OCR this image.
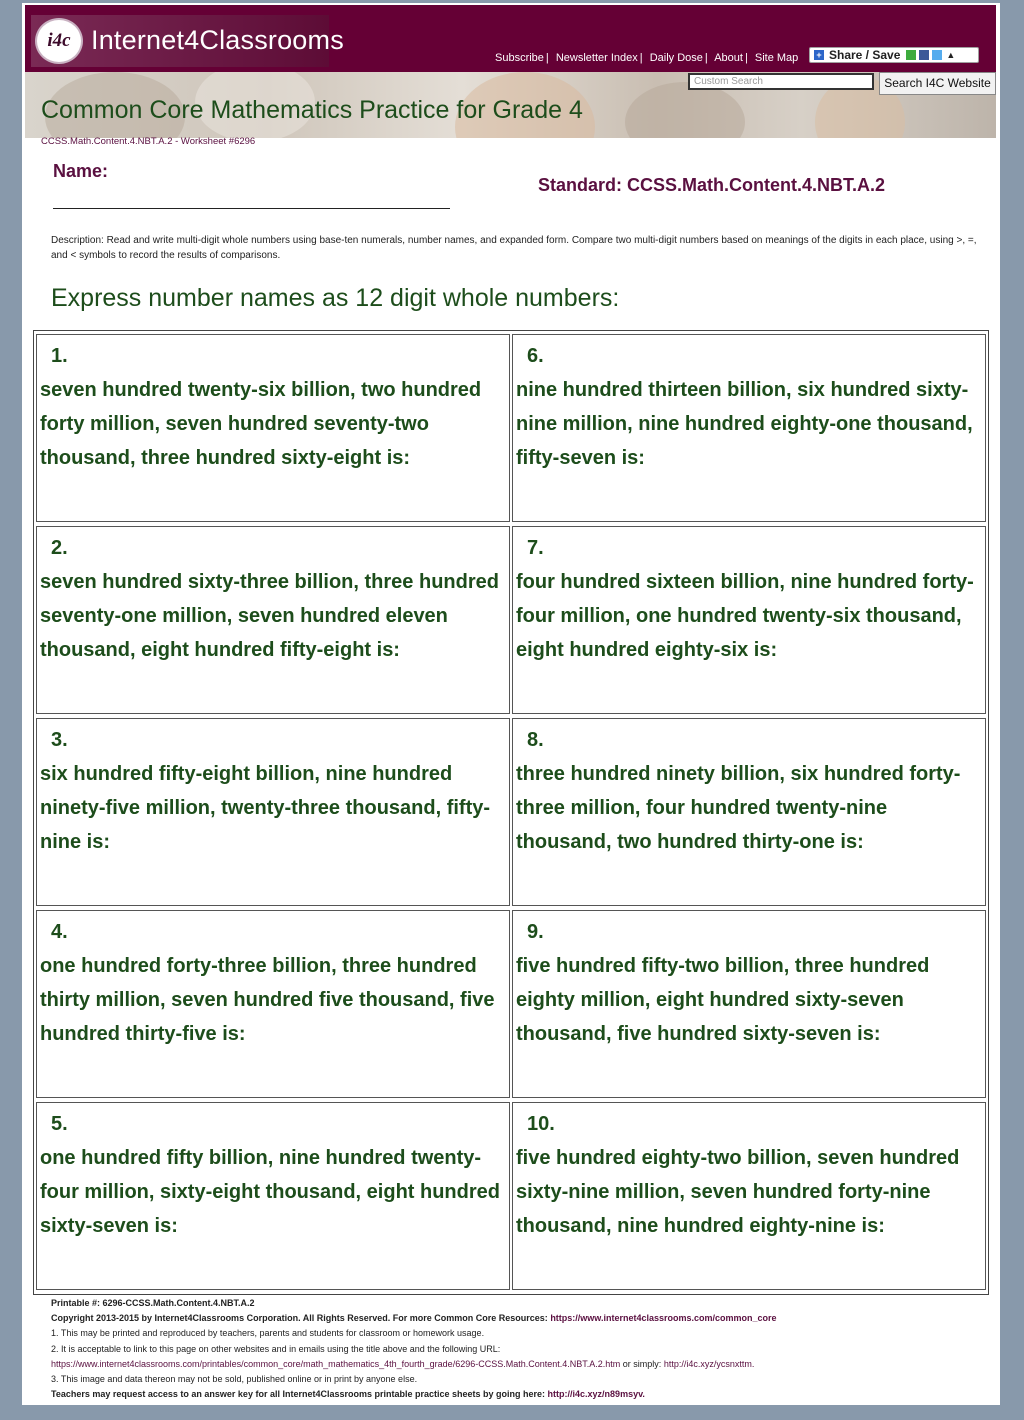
i4c Internet4Classrooms
Subscribe | Newsletter Index | Daily Dose | About | Site Map + Share / Save	▲
Custom Search	Search I4C Website
Common Core Mathematics Practice for Grade 4
CCSS.Math.Content.4.NBT.A.2 - Worksheet #6296
Name:
Standard: CCSS.Math.Content.4.NBT.A.2
Description: Read and write multi-digit whole numbers using base-ten numerals, number names, and expanded form. Compare two multi-digit numbers based on meanings of the digits in each place, using >, =, and < symbols to record the results of comparisons.
Express number names as 12 digit whole numbers:
1.
seven hundred twenty-six billion, two hundred forty million, seven hundred seventy-two thousand, three hundred sixty-eight is:
2.
seven hundred sixty-three billion, three hundred seventy-one million, seven hundred eleven thousand, eight hundred fifty-eight is:
3.
six hundred fifty-eight billion, nine hundred ninety-five million, twenty-three thousand, fifty-nine is:
4.
one hundred forty-three billion, three hundred thirty million, seven hundred five thousand, five hundred thirty-five is:
5.
one hundred fifty billion, nine hundred twenty-four million, sixty-eight thousand, eight hundred sixty-seven is:
6.
nine hundred thirteen billion, six hundred sixty-nine million, nine hundred eighty-one thousand, fifty-seven is:
7.
four hundred sixteen billion, nine hundred forty-four million, one hundred twenty-six thousand, eight hundred eighty-six is:
8.
three hundred ninety billion, six hundred forty-three million, four hundred twenty-nine thousand, two hundred thirty-one is:
9.
five hundred fifty-two billion, three hundred eighty million, eight hundred sixty-seven thousand, five hundred sixty-seven is:
10.
five hundred eighty-two billion, seven hundred sixty-nine million, seven hundred forty-nine thousand, nine hundred eighty-nine is:
Printable #: 6296-CCSS.Math.Content.4.NBT.A.2
Copyright 2013-2015 by Internet4Classrooms Corporation. All Rights Reserved. For more Common Core Resources: https://www.internet4classrooms.com/common_core
1. This may be printed and reproduced by teachers, parents and students for classroom or homework usage.
2. It is acceptable to link to this page on other websites and in emails using the title above and the following URL:
https://www.internet4classrooms.com/printables/common_core/math_mathematics_4th_fourth_grade/6296-CCSS.Math.Content.4.NBT.A.2.htm or simply: http://i4c.xyz/ycsnxttm.
3. This image and data thereon may not be sold, published online or in print by anyone else.
Teachers may request access to an answer key for all Internet4Classrooms printable practice sheets by going here: http://i4c.xyz/n89msyv.
